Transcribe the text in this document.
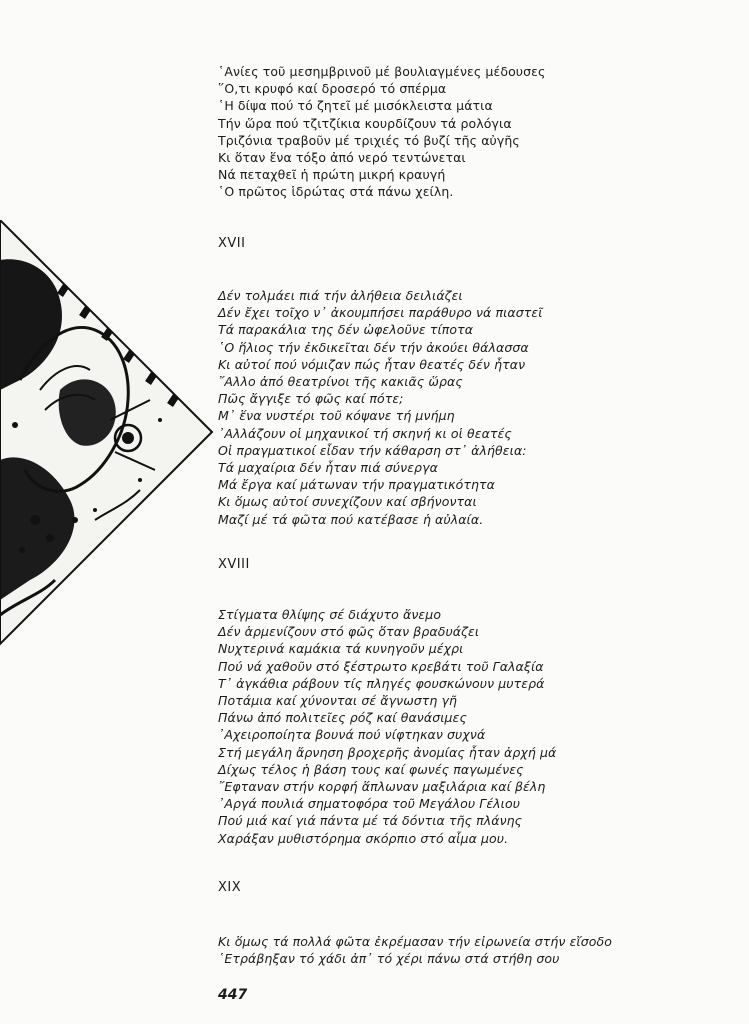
῾Ανίες τοῦ μεσημβρινοῦ μέ βουλιαγμένες μέδουσες
῞Ο,τι κρυφό καί δροσερό τό σπέρμα
῾Η δίψα πού τό ζητεῖ μέ μισόκλειστα μάτια
Τήν ὥρα πού τζιτζίκια κουρδίζουν τά ρολόγια
Τριζόνια τραβοῦν μέ τριχιές τό βυζί τῆς αὐγῆς
Κι ὅταν ἕνα τόξο ἀπό νερό τεντώνεται
Νά πεταχθεῖ ἡ πρώτη μικρή κραυγή
῾Ο πρῶτος ἱδρώτας στά πάνω χείλη.
XVII
Δέν τολμάει πιά τήν ἀλήθεια δειλιάζει
Δέν ἔχει τοῖχο ν᾿ ἀκουμπήσει παράθυρο νά πιαστεῖ
Τά παρακάλια της δέν ὠφελοῦνε τίποτα
῾Ο ἥλιος τήν ἐκδικεῖται δέν τήν ἀκούει θάλασσα
Κι αὐτοί πού νόμιζαν πώς ἦταν θεατές δέν ἦταν
῎Αλλο ἀπό θεατρίνοι τῆς κακιᾶς ὥρας
Πῶς ἄγγιξε τό φῶς καί πότε;
Μ᾿ ἕνα νυστέρι τοῦ κόψανε τή μνήμη
᾿Αλλάζουν οἱ μηχανικοί τή σκηνή κι οἱ θεατές
Οἱ πραγματικοί εἶδαν τήν κάθαρση στ᾿ ἀλήθεια:
Τά μαχαίρια δέν ἦταν πιά σύνεργα
Μά ἔργα καί μάτωναν τήν πραγματικότητα
Κι ὅμως αὐτοί συνεχίζουν καί σβήνονται
Μαζί μέ τά φῶτα πού κατέβασε ἡ αὐλαία.
XVIII
Στίγματα θλίψης σέ διάχυτο ἄνεμο
Δέν ἁρμενίζουν στό φῶς ὅταν βραδυάζει
Νυχτερινά καμάκια τά κυνηγοῦν μέχρι
Πού νά χαθοῦν στό ξέστρωτο κρεβάτι τοῦ Γαλαξία
Τ᾿ ἀγκάθια ράβουν τίς πληγές φουσκώνουν μυτερά
Ποτάμια καί χύνονται σέ ἄγνωστη γῆ
Πάνω ἀπό πολιτεῖες ρόζ καί θανάσιμες
᾿Αχειροποίητα βουνά πού νίφτηκαν συχνά
Στή μεγάλη ἄρνηση βροχερῆς ἀνομίας ἦταν ἀρχή μά
Δίχως τέλος ἡ βάση τους καί φωνές παγωμένες
῎Εφταναν στήν κορφή ἅπλωναν μαξιλάρια καί βέλη
᾿Αργά πουλιά σηματοφόρα τοῦ Μεγάλου Γέλιου
Πού μιά καί γιά πάντα μέ τά δόντια τῆς πλάνης
Χαράξαν μυθιστόρημα σκόρπιο στό αἷμα μου.
XIX
Κι ὅμως τά πολλά φῶτα ἐκρέμασαν τήν εἰρωνεία στήν εἴσοδο
῾Ετράβηξαν τό χάδι ἀπ᾿ τό χέρι πάνω στά στήθη σου
447
